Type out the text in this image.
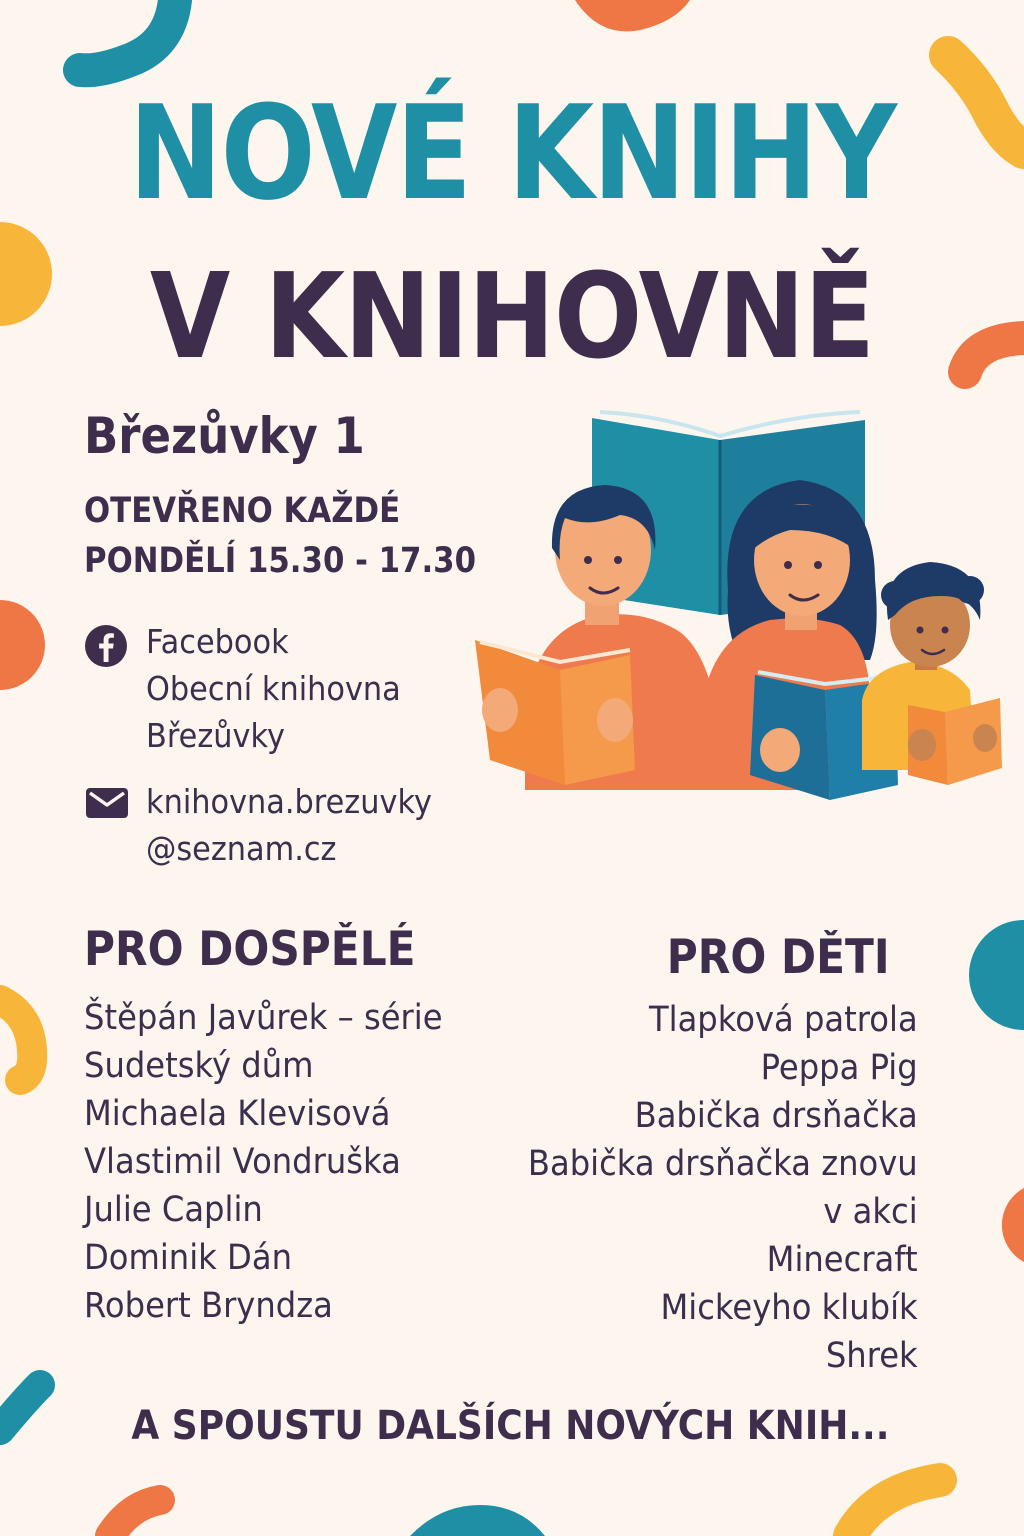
NOVÉ KNIHY
V KNIHOVNĚ
Březůvky 1
OTEVŘENO KAŽDÉ
PONDĚLÍ 15.30 - 17.30
Facebook
Obecní knihovna
Březůvky
knihovna.brezuvky
@seznam.cz
PRO DOSPĚLÉ
Štěpán Javůrek – série
Sudetský dům
Michaela Klevisová
Vlastimil Vondruška
Julie Caplin
Dominik Dán
Robert Bryndza
PRO DĚTI
Tlapková patrola
Peppa Pig
Babička drsňačka
Babička drsňačka znovu
v akci
Minecraft
Mickeyho klubík
Shrek
A SPOUSTU DALŠÍCH NOVÝCH KNIH...
